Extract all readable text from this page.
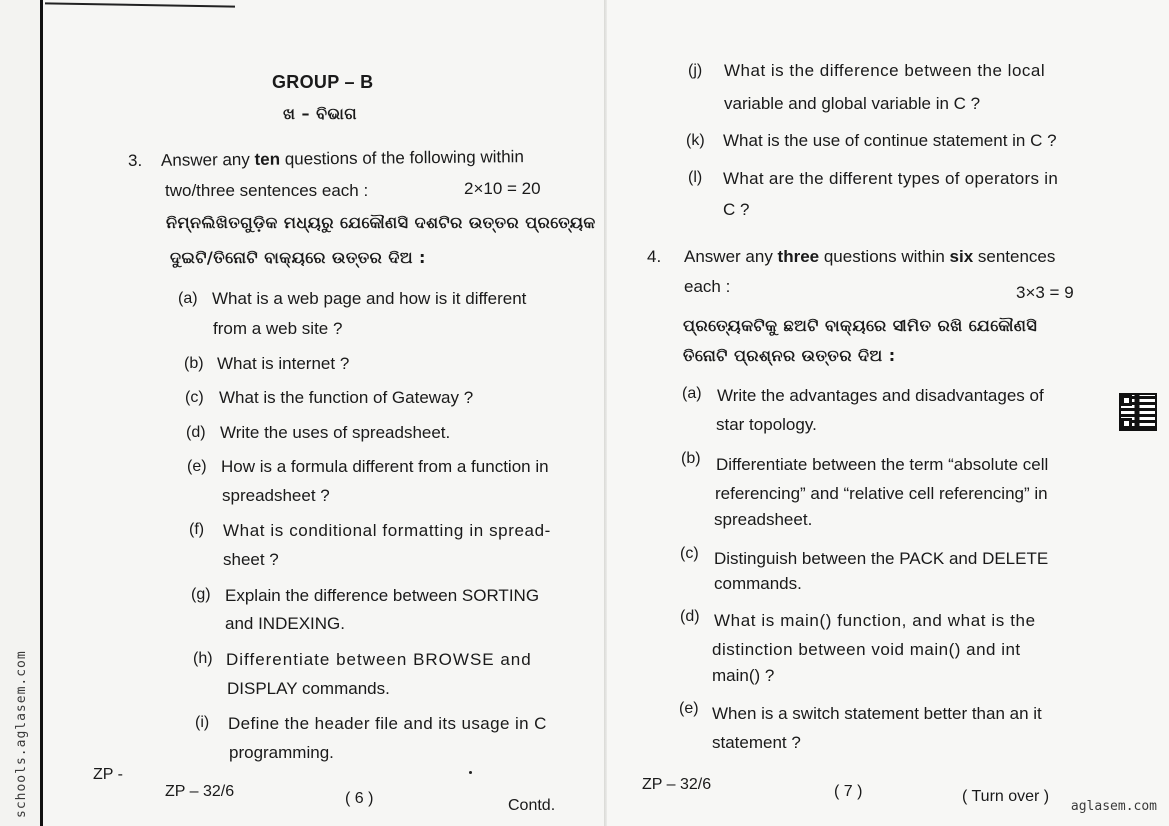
GROUP – B
ଖ – ବିଭାଗ
3. Answer any ten questions of the following within
two/three sentences each :	2×10 = 20
ନିମ୍ନଲିଖିତଗୁଡ଼ିକ ମଧ୍ୟରୁ ଯେକୌଣସି ଦଶଟିର ଉତ୍ତର ପ୍ରତ୍ୟେକ
ଦୁଇଟି/ତିନୋଟି ବାକ୍ୟରେ ଉତ୍ତର ଦିଅ :
(a) What is a web page and how is it different
from a web site ?
(b) What is internet ?
(c) What is the function of Gateway ?
(d) Write the uses of spreadsheet.
(e) How is a formula different from a function in
spreadsheet ?
(f) What is conditional formatting in spread-
sheet ?
(g) Explain the difference between SORTING
and INDEXING.
(h) Differentiate between BROWSE and
DISPLAY commands.
(i) Define the header file and its usage in C
programming.
ZP -
ZP – 32/6	( 6 )	Contd.
(j) What is the difference between the local
variable and global variable in C ?
(k) What is the use of continue statement in C ?
(l) What are the different types of operators in
C ?
4. Answer any three questions within six sentences
each :	3×3 = 9
ପ୍ରତ୍ୟେକଟିକୁ ଛଅଟି ବାକ୍ୟରେ ସୀମିତ ରଖି ଯେକୌଣସି
ତିନୋଟି ପ୍ରଶ୍ନର ଉତ୍ତର ଦିଅ :
(a) Write the advantages and disadvantages of
star topology.
(b) Differentiate between the term “absolute cell
referencing” and “relative cell referencing” in
spreadsheet.
(c) Distinguish between the PACK and DELETE
commands.
(d) What is main() function, and what is the
distinction between void main() and int
main() ?
(e) When is a switch statement better than an it
statement ?
ZP – 32/6	( 7 )	( Turn over )
schools.aglasem.com	aglasem.com
